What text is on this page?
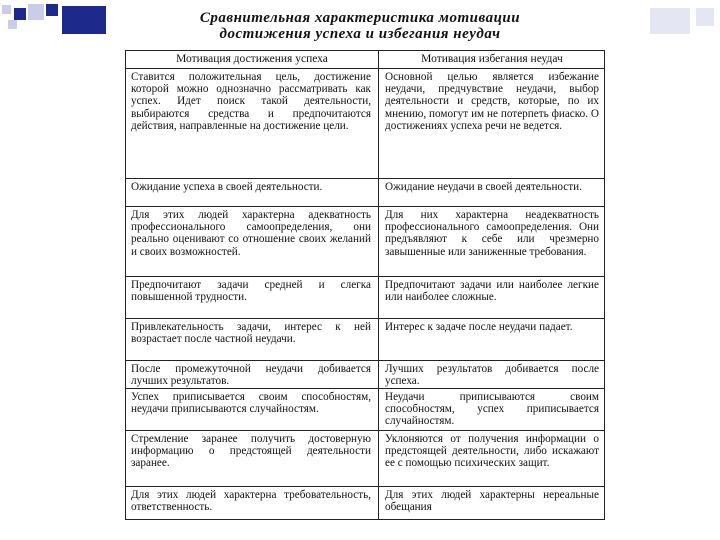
Сравнительная характеристика мотивации
достижения успеха и избегания неудач
Мотивация достижения успеха	Мотивация избегания неудач
Ставится положительная цель, достижение которой можно однозначно рассматривать как успех. Идет поиск такой деятельности, выбираются средства и предпочитаются действия, направленные на достижение цели.
Основной целью является избежание неудачи, предчувствие неудачи, выбор деятельности и средств, которые, по их мнению, помогут им не потерпеть фиаско. О достижениях успеха речи не ведется.
Ожидание успеха в своей деятельности.	Ожидание неудачи в своей деятельности.
Для этих людей характерна адекватность профессионального самоопределения, они реально оценивают со отношение своих желаний и своих возможностей.
Для них характерна неадекватность профессионального самоопределения. Они предъявляют к себе или чрезмерно завышенные или заниженные требования.
Предпочитают задачи средней и слегка повышенной трудности.
Предпочитают задачи или наиболее легкие или наиболее сложные.
Привлекательность задачи, интерес к ней возрастает после частной неудачи.
Интерес к задаче после неудачи падает.
После промежуточной неудачи добивается лучших результатов.
Лучших результатов добивается после успеха.
Успех приписывается своим способностям, неудачи приписываются случайностям.
Неудачи приписываются своим способностям, успех приписывается случайностям.
Стремление заранее получить достоверную информацию о предстоящей деятельности заранее.
Уклоняются от получения информации о предстоящей деятельности, либо искажают ее с помощью психических защит.
Для этих людей характерна требовательность, ответственность.
Для этих людей характерны нереальные обещания
